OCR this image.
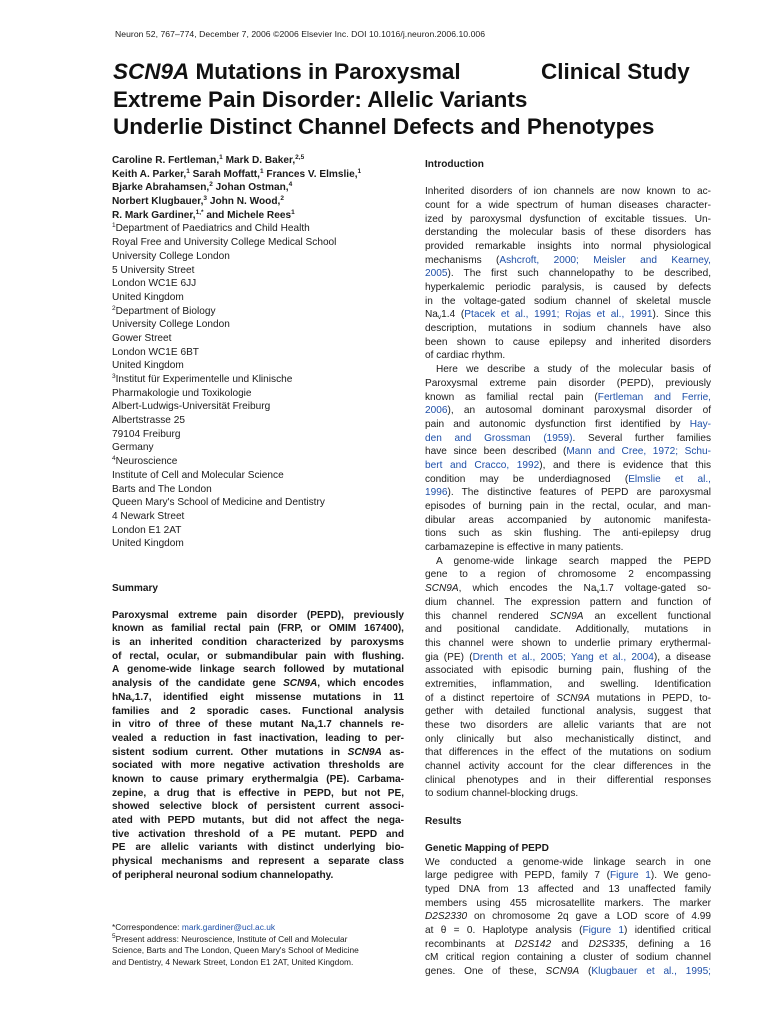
Neuron 52, 767–774, December 7, 2006 ©2006 Elsevier Inc. DOI 10.1016/j.neuron.2006.10.006
SCN9A Mutations in Paroxysmal
Extreme Pain Disorder: Allelic Variants
Underlie Distinct Channel Defects and Phenotypes
Clinical Study
Caroline R. Fertleman,$^1$ Mark D. Baker,$^{2,5}$
Keith A. Parker,$^1$ Sarah Moffatt,$^1$ Frances V. Elmslie,$^1$
Bjarke Abrahamsen,$^2$ Johan Ostman,$^4$
Norbert Klugbauer,$^3$ John N. Wood,$^2$
R. Mark Gardiner,$^{1,*}$ and Michele Rees$^1$
$^1$Department of Paediatrics and Child Health
Royal Free and University College Medical School
University College London
5 University Street
London WC1E 6JJ
United Kingdom
$^2$Department of Biology
University College London
Gower Street
London WC1E 6BT
United Kingdom
$^3$Institut für Experimentelle und Klinische
Pharmakologie und Toxikologie
Albert-Ludwigs-Universität Freiburg
Albertstrasse 25
79104 Freiburg
Germany
$^4$Neuroscience
Institute of Cell and Molecular Science
Barts and The London
Queen Mary's School of Medicine and Dentistry
4 Newark Street
London E1 2AT
United Kingdom
Summary
Paroxysmal extreme pain disorder (PEPD), previously
known as familial rectal pain (FRP, or OMIM 167400),
is an inherited condition characterized by paroxysms
of rectal, ocular, or submandibular pain with flushing.
A genome-wide linkage search followed by mutational
analysis of the candidate gene SCN9A, which encodes
hNa$_v$1.7, identified eight missense mutations in 11
families and 2 sporadic cases. Functional analysis
in vitro of three of these mutant $Na_v1.7$ channels re-
vealed a reduction in fast inactivation, leading to per-
sistent sodium current. Other mutations in SCN9A as-
sociated with more negative activation thresholds are
known to cause primary erythermalgia (PE). Carbama-
zepine, a drug that is effective in PEPD, but not PE,
showed selective block of persistent current associ-
ated with PEPD mutants, but did not affect the nega-
tive activation threshold of a PE mutant. PEPD and
PE are allelic variants with distinct underlying bio-
physical mechanisms and represent a separate class
of peripheral neuronal sodium channelopathy.
*Correspondence: mark.gardiner@ucl.ac.uk
$^5$Present address: Neuroscience, Institute of Cell and Molecular
Science, Barts and The London, Queen Mary's School of Medicine
and Dentistry, 4 Newark Street, London E1 2AT, United Kingdom.
Introduction
Inherited disorders of ion channels are now known to ac-
count for a wide spectrum of human diseases character-
ized by paroxysmal dysfunction of excitable tissues. Un-
derstanding the molecular basis of these disorders has
provided remarkable insights into normal physiological
mechanisms (Ashcroft, 2000; Meisler and Kearney,
2005). The first such channelopathy to be described,
hyperkalemic periodic paralysis, is caused by defects
in the voltage-gated sodium channel of skeletal muscle
$Na_v1.4$ (Ptacek et al., 1991; Rojas et al., 1991). Since this
description, mutations in sodium channels have also
been shown to cause epilepsy and inherited disorders
of cardiac rhythm.
Here we describe a study of the molecular basis of
Paroxysmal extreme pain disorder (PEPD), previously
known as familial rectal pain (Fertleman and Ferrie,
2006), an autosomal dominant paroxysmal disorder of
pain and autonomic dysfunction first identified by Hay-
den and Grossman (1959). Several further families
have since been described (Mann and Cree, 1972; Schu-
bert and Cracco, 1992), and there is evidence that this
condition may be underdiagnosed (Elmslie et al.,
1996). The distinctive features of PEPD are paroxysmal
episodes of burning pain in the rectal, ocular, and man-
dibular areas accompanied by autonomic manifesta-
tions such as skin flushing. The anti-epilepsy drug
carbamazepine is effective in many patients.
A genome-wide linkage search mapped the PEPD
gene to a region of chromosome 2 encompassing
SCN9A, which encodes the $Na_v1.7$ voltage-gated so-
dium channel. The expression pattern and function of
this channel rendered SCN9A an excellent functional
and positional candidate. Additionally, mutations in
this channel were shown to underlie primary erythermal-
gia (PE) (Drenth et al., 2005; Yang et al., 2004), a disease
associated with episodic burning pain, flushing of the
extremities, inflammation, and swelling. Identification
of a distinct repertoire of SCN9A mutations in PEPD, to-
gether with detailed functional analysis, suggest that
these two disorders are allelic variants that are not
only clinically but also mechanistically distinct, and
that differences in the effect of the mutations on sodium
channel activity account for the clear differences in the
clinical phenotypes and in their differential responses
to sodium channel-blocking drugs.
Results
Genetic Mapping of PEPD
We conducted a genome-wide linkage search in one
large pedigree with PEPD, family 7 (Figure 1). We geno-
typed DNA from 13 affected and 13 unaffected family
members using 455 microsatellite markers. The marker
D2S2330 on chromosome 2q gave a LOD score of 4.99
at θ = 0. Haplotype analysis (Figure 1) identified critical
recombinants at D2S142 and D2S335, defining a 16
cM critical region containing a cluster of sodium channel
genes. One of these, SCN9A (Klugbauer et al., 1995;
